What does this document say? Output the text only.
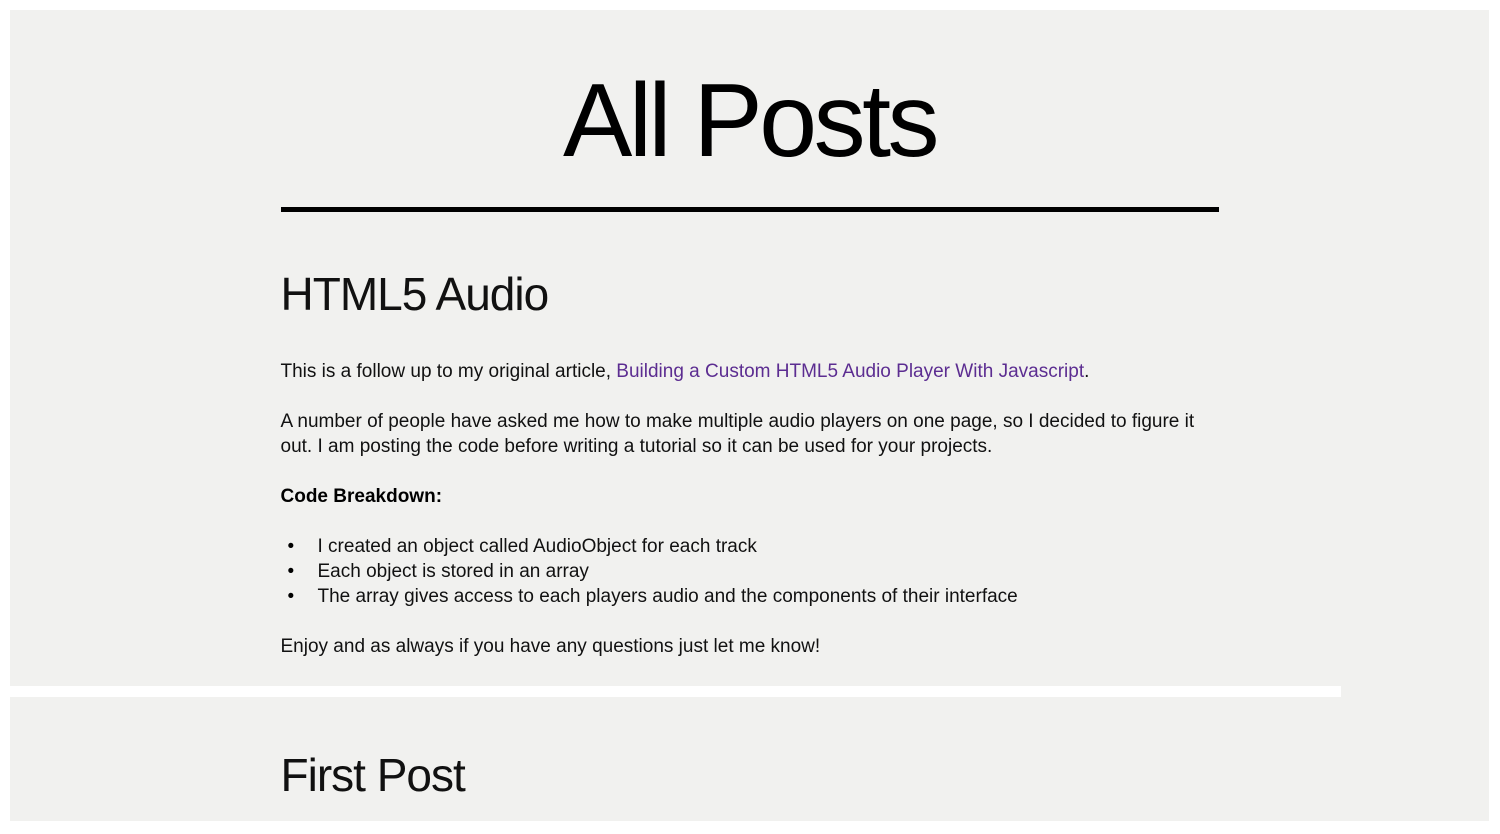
All Posts
HTML5 Audio

This is a follow up to my original article, Building a Custom HTML5 Audio Player With Javascript.

A number of people have asked me how to make multiple audio players on one page, so I decided to figure it out. I am posting the code before writing a tutorial so it can be used for your projects.

Code Breakdown:

• I created an object called AudioObject for each track
• Each object is stored in an array
• The array gives access to each players audio and the components of their interface

Enjoy and as always if you have any questions just let me know!

First Post
